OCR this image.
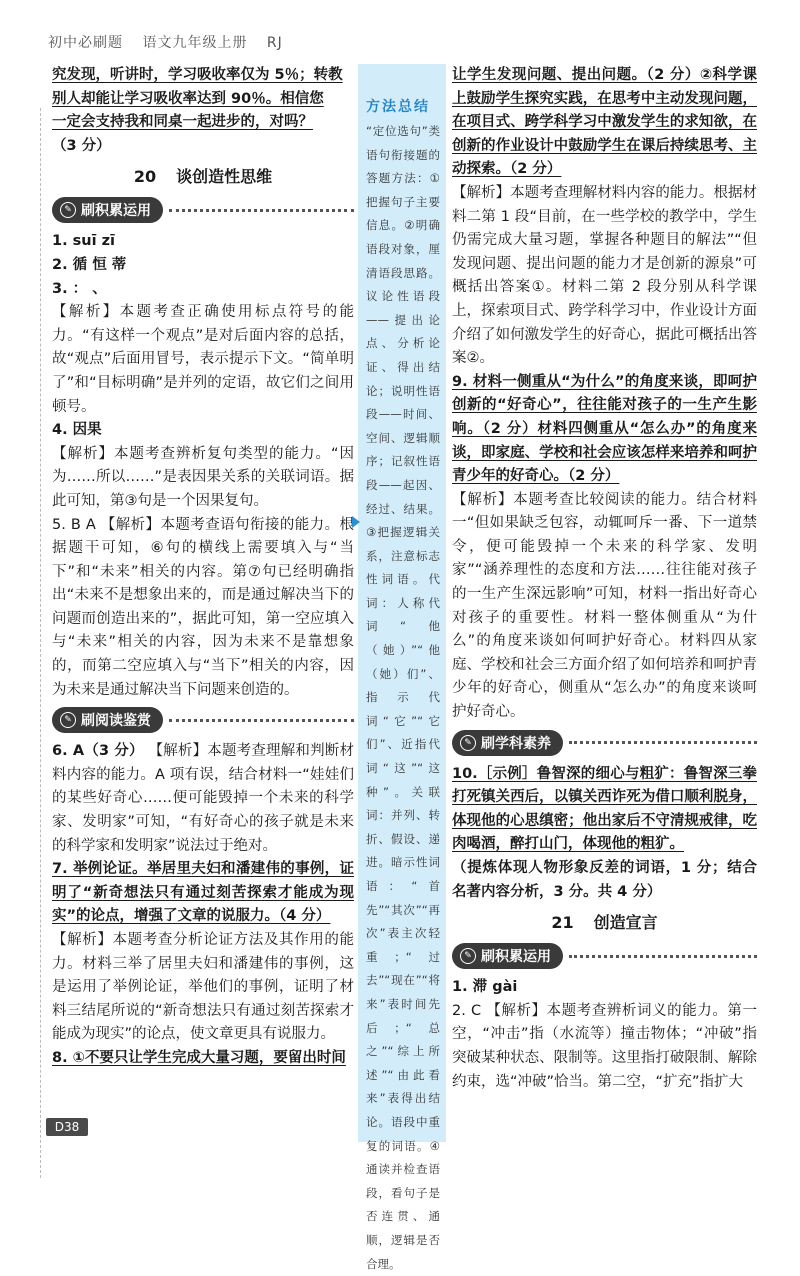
初中必刷题 语文九年级上册 RJ

究发现，听讲时，学习吸收率仅为 5％；转教

别人却能让学习吸收率达到 90％。相信您

一定会支持我和同桌一起进步的，对吗？

（3 分）

20 谈创造性思维
✎ 刷积累运用

1. suī zī

2. 循 恒 蒂

3. ： 、

【解析】本题考查正确使用标点符号的能力。“有这样一个观点”是对后面内容的总括，故“观点”后面用冒号，表示提示下文。“简单明了”和“目标明确”是并列的定语，故它们之间用顿号。

4. 因果

【解析】本题考查辨析复句类型的能力。“因为……所以……”是表因果关系的关联词语。据此可知，第③句是一个因果复句。

5. B A 【解析】本题考查语句衔接的能力。根据题干可知，⑥句的横线上需要填入与“当下”和“未来”相关的内容。第⑦句已经明确指出“未来不是想象出来的，而是通过解决当下的问题而创造出来的”，据此可知，第一空应填入与“未来”相关的内容，因为未来不是靠想象的，而第二空应填入与“当下”相关的内容，因为未来是通过解决当下问题来创造的。

✎ 刷阅读鉴赏

6. A（3 分） 【解析】本题考查理解和判断材料内容的能力。A 项有误，结合材料一“娃娃们的某些好奇心……便可能毁掉一个未来的科学家、发明家”可知，“有好奇心的孩子就是未来的科学家和发明家”说法过于绝对。

7. 举例论证。举居里夫妇和潘建伟的事例，证明了“新奇想法只有通过刻苦探索才能成为现实”的论点，增强了文章的说服力。（4 分）

【解析】本题考查分析论证方法及其作用的能力。材料三举了居里夫妇和潘建伟的事例，这是运用了举例论证，举他们的事例，证明了材料三结尾所说的“新奇想法只有通过刻苦探索才能成为现实”的论点，使文章更具有说服力。

8. ①不要只让学生完成大量习题，要留出时间

方法总结
“定位选句”类语句衔接题的答题方法：①把握句子主要信息。②明确语段对象，厘清语段思路。议论性语段——提出论点、分析论证、得出结论；说明性语段——时间、空间、逻辑顺序；记叙性语段——起因、经过、结果。③把握逻辑关系，注意标志性词语。代词：人称代词“他（她）”“他（她）们”、指示代词“它”“它们”、近指代词“这”“这种”。关联词：并列、转折、假设、递进。暗示性词语：“首先”“其次”“再次”表主次轻重；“过去”“现在”“将来”表时间先后；“总之”“综上所述”“由此看来”表得出结论。语段中重复的词语。④通读并检查语段，看句子是否连贯、通顺，逻辑是否合理。

让学生发现问题、提出问题。（2 分）②科学课上鼓励学生探究实践，在思考中主动发现问题，在项目式、跨学科学习中激发学生的求知欲，在创新的作业设计中鼓励学生在课后持续思考、主动探索。（2 分）

【解析】本题考查理解材料内容的能力。根据材料二第 1 段“目前，在一些学校的教学中，学生仍需完成大量习题，掌握各种题目的解法”“但发现问题、提出问题的能力才是创新的源泉”可概括出答案①。材料二第 2 段分别从科学课上，探索项目式、跨学科学习中，作业设计方面介绍了如何激发学生的好奇心，据此可概括出答案②。

9. 材料一侧重从“为什么”的角度来谈，即呵护创新的“好奇心”，往往能对孩子的一生产生影响。（2 分）材料四侧重从“怎么办”的角度来谈，即家庭、学校和社会应该怎样来培养和呵护青少年的好奇心。（2 分）

【解析】本题考查比较阅读的能力。结合材料一“但如果缺乏包容，动辄呵斥一番、下一道禁令，便可能毁掉一个未来的科学家、发明家”“涵养理性的态度和方法……往往能对孩子的一生产生深远影响”可知，材料一指出好奇心对孩子的重要性。材料一整体侧重从“为什么”的角度来谈如何呵护好奇心。材料四从家庭、学校和社会三方面介绍了如何培养和呵护青少年的好奇心，侧重从“怎么办”的角度来谈呵护好奇心。

✎ 刷学科素养

10.［示例］鲁智深的细心与粗犷：鲁智深三拳打死镇关西后，以镇关西诈死为借口顺利脱身，体现他的心思缜密；他出家后不守清规戒律，吃肉喝酒，醉打山门，体现他的粗犷。

（提炼体现人物形象反差的词语，1 分；结合名著内容分析，3 分。共 4 分）

21 创造宣言
✎ 刷积累运用

1. 滞 gài

2. C 【解析】本题考查辨析词义的能力。第一空，“冲击”指（水流等）撞击物体；“冲破”指突破某种状态、限制等。这里指打破限制、解除约束，选“冲破”恰当。第二空，“扩充”指扩大

D38
